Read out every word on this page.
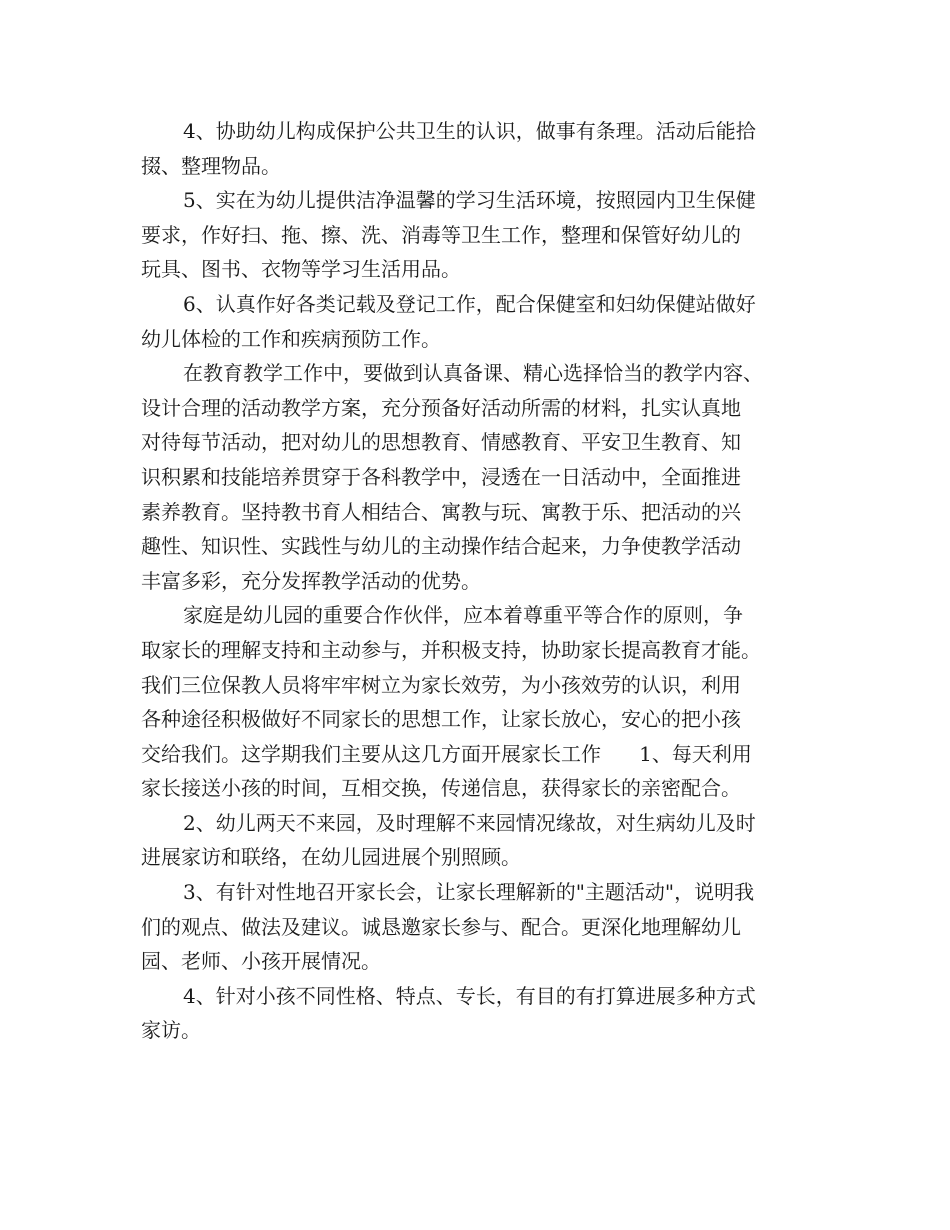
4、协助幼儿构成保护公共卫生的认识，做事有条理。活动后能拾
掇、整理物品。
5、实在为幼儿提供洁净温馨的学习生活环境，按照园内卫生保健
要求，作好扫、拖、擦、洗、消毒等卫生工作，整理和保管好幼儿的
玩具、图书、衣物等学习生活用品。
6、认真作好各类记载及登记工作，配合保健室和妇幼保健站做好
幼儿体检的工作和疾病预防工作。
在教育教学工作中，要做到认真备课、精心选择恰当的教学内容、
设计合理的活动教学方案，充分预备好活动所需的材料，扎实认真地
对待每节活动，把对幼儿的思想教育、情感教育、平安卫生教育、知
识积累和技能培养贯穿于各科教学中，浸透在一日活动中，全面推进
素养教育。坚持教书育人相结合、寓教与玩、寓教于乐、把活动的兴
趣性、知识性、实践性与幼儿的主动操作结合起来，力争使教学活动
丰富多彩，充分发挥教学活动的优势。
家庭是幼儿园的重要合作伙伴，应本着尊重平等合作的原则，争
取家长的理解支持和主动参与，并积极支持，协助家长提高教育才能。
我们三位保教人员将牢牢树立为家长效劳，为小孩效劳的认识，利用
各种途径积极做好不同家长的思想工作，让家长放心，安心的把小孩
交给我们。这学期我们主要从这几方面开展家长工作      1、每天利用
家长接送小孩的时间，互相交换，传递信息，获得家长的亲密配合。
2、幼儿两天不来园，及时理解不来园情况缘故，对生病幼儿及时
进展家访和联络，在幼儿园进展个别照顾。
3、有针对性地召开家长会，让家长理解新的"主题活动"，说明我
们的观点、做法及建议。诚恳邀家长参与、配合。更深化地理解幼儿
园、老师、小孩开展情况。
4、针对小孩不同性格、特点、专长，有目的有打算进展多种方式
家访。
